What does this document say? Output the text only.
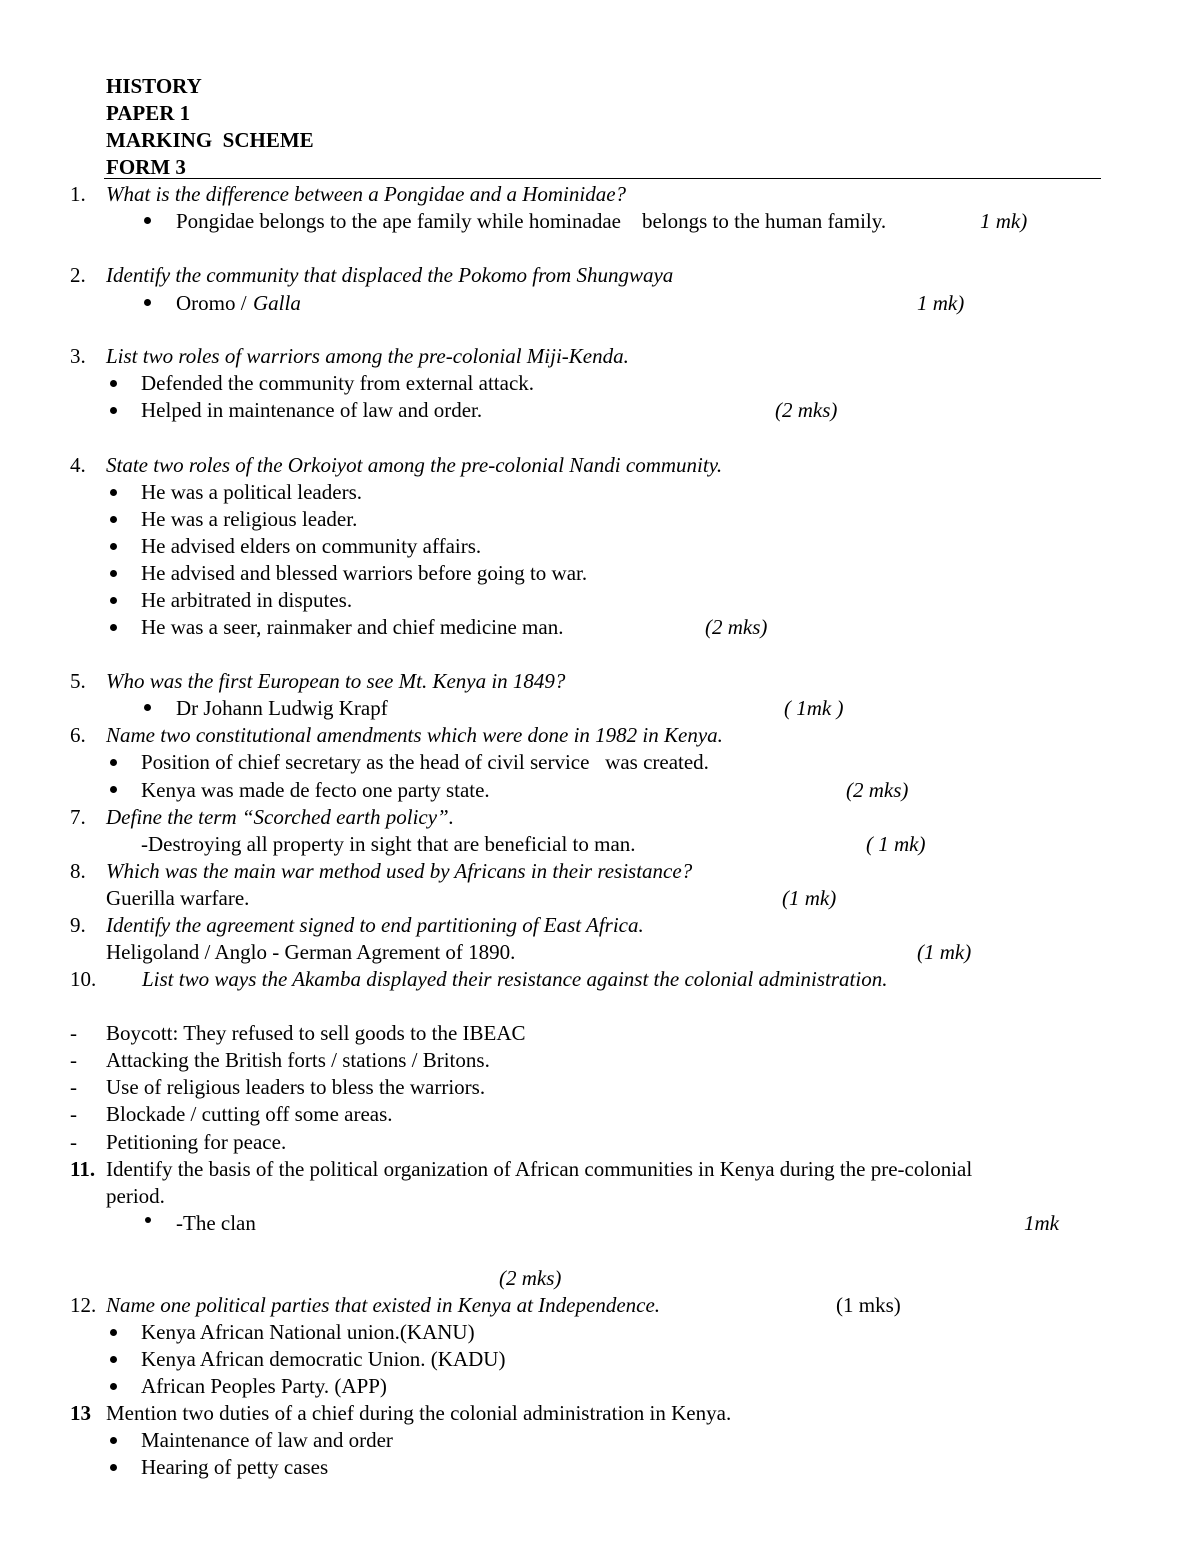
HISTORY
PAPER 1
MARKING  SCHEME
FORM 3
1. What is the difference between a Pongidae and a Hominidae?
Pongidae belongs to the ape family while hominadae    belongs to the human family.	1 mk)
2. Identify the community that displaced the Pokomo from Shungwaya
Oromo / Galla	1 mk)
3. List two roles of warriors among the pre-colonial Miji-Kenda.
Defended the community from external attack.
Helped in maintenance of law and order.	(2 mks)
4. State two roles of the Orkoiyot among the pre-colonial Nandi community.
He was a political leaders.
He was a religious leader.
He advised elders on community affairs.
He advised and blessed warriors before going to war.
He arbitrated in disputes.
He was a seer, rainmaker and chief medicine man.	(2 mks)
5. Who was the first European to see Mt. Kenya in 1849?
Dr Johann Ludwig Krapf	( 1mk )
6. Name two constitutional amendments which were done in 1982 in Kenya.
Position of chief secretary as the head of civil service   was created.
Kenya was made de fecto one party state.	(2 mks)
7. Define the term “Scorched earth policy”.
-Destroying all property in sight that are beneficial to man.	( 1 mk)
8. Which was the main war method used by Africans in their resistance?
Guerilla warfare.	(1 mk)
9. Identify the agreement signed to end partitioning of East Africa.
Heligoland / Anglo - German Agrement of 1890.	(1 mk)
10. List two ways the Akamba displayed their resistance against the colonial administration.
- Boycott: They refused to sell goods to the IBEAC
- Attacking the British forts / stations / Britons.
- Use of religious leaders to bless the warriors.
- Blockade / cutting off some areas.
- Petitioning for peace.
11. Identify the basis of the political organization of African communities in Kenya during the pre-colonial
period.
-The clan	1mk
(2 mks)
12. Name one political parties that existed in Kenya at Independence.	(1 mks)
Kenya African National union.(KANU)
Kenya African democratic Union. (KADU)
African Peoples Party. (APP)
13 Mention two duties of a chief during the colonial administration in Kenya.
Maintenance of law and order
Hearing of petty cases
